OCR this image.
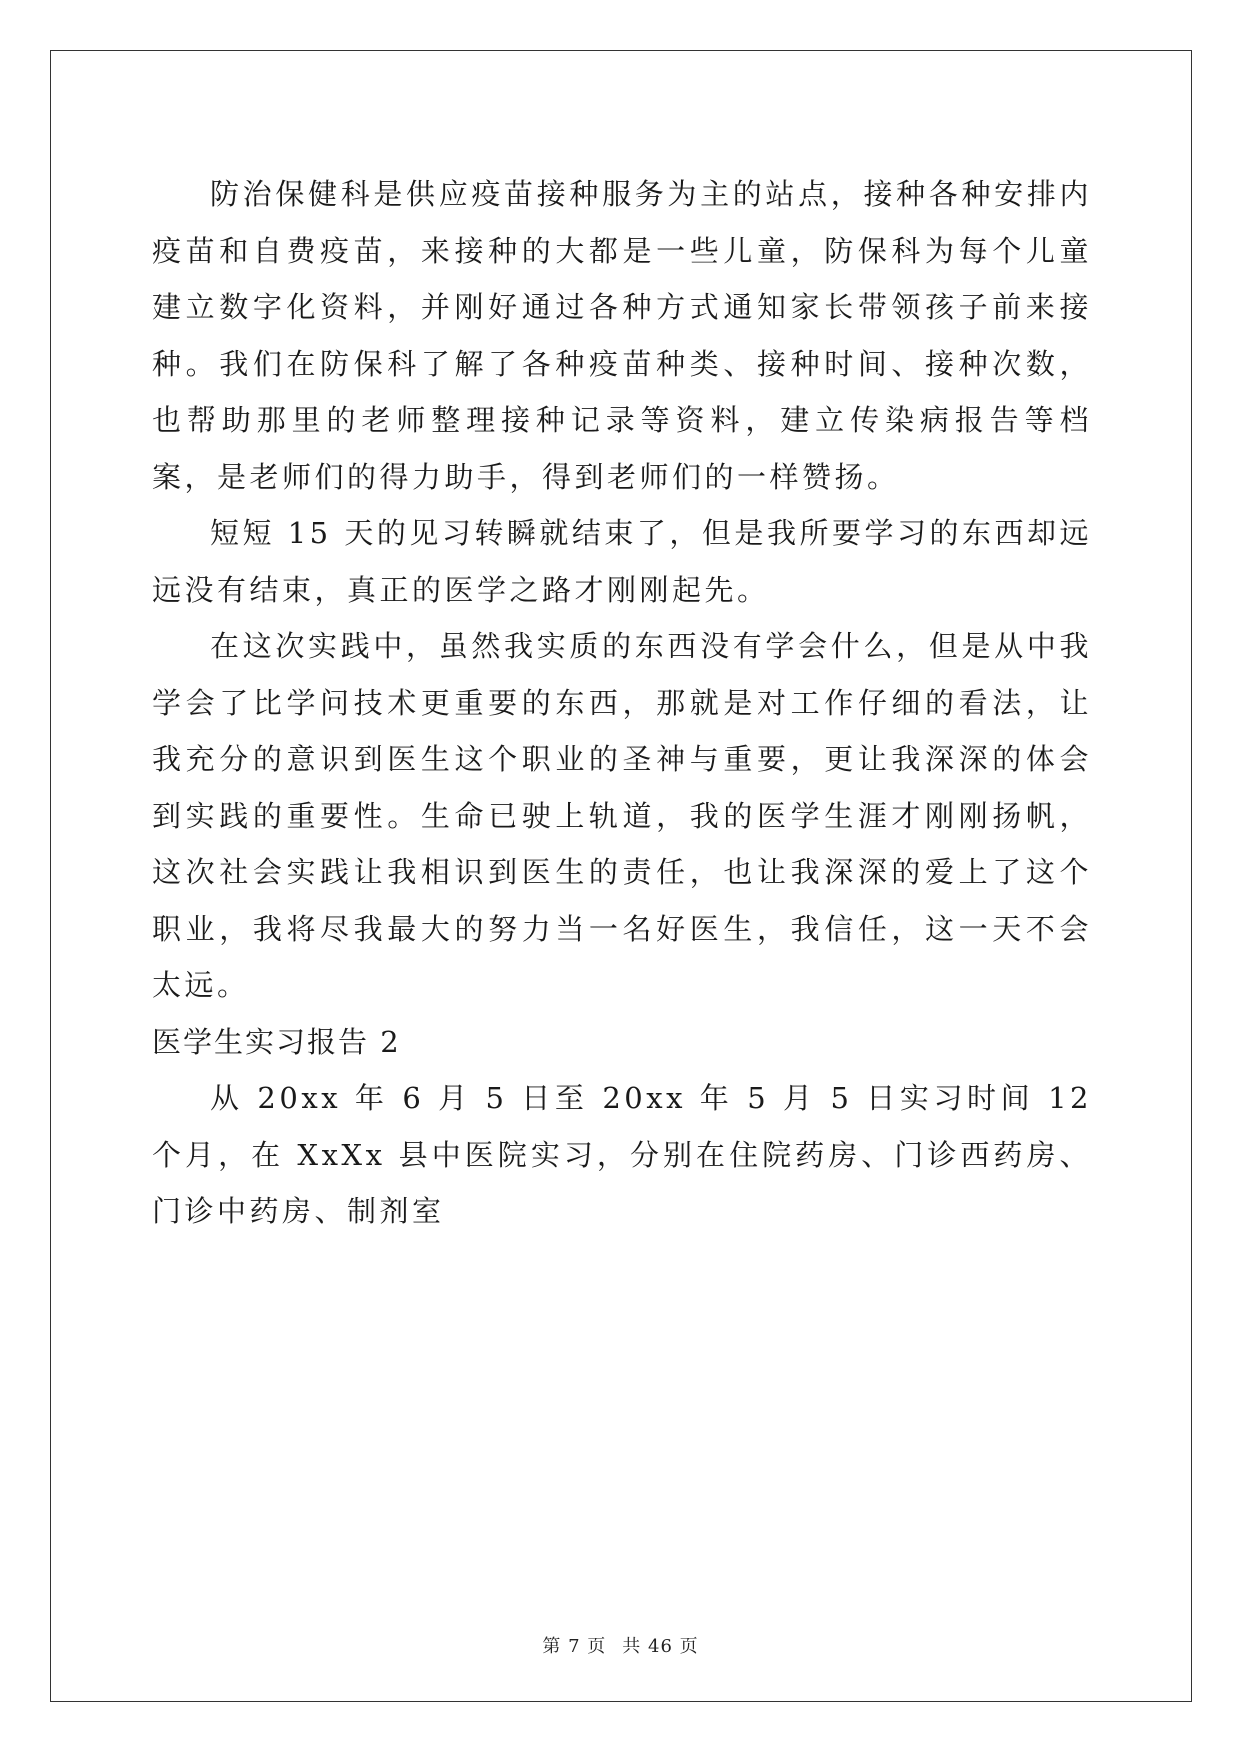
防治保健科是供应疫苗接种服务为主的站点，接种各种安排内疫苗和自费疫苗，来接种的大都是一些儿童，防保科为每个儿童建立数字化资料，并刚好通过各种方式通知家长带领孩子前来接种。我们在防保科了解了各种疫苗种类、接种时间、接种次数，也帮助那里的老师整理接种记录等资料，建立传染病报告等档案，是老师们的得力助手，得到老师们的一样赞扬。

短短 15 天的见习转瞬就结束了，但是我所要学习的东西却远远没有结束，真正的医学之路才刚刚起先。

在这次实践中，虽然我实质的东西没有学会什么，但是从中我学会了比学问技术更重要的东西，那就是对工作仔细的看法，让我充分的意识到医生这个职业的圣神与重要，更让我深深的体会到实践的重要性。生命已驶上轨道，我的医学生涯才刚刚扬帆，这次社会实践让我相识到医生的责任，也让我深深的爱上了这个职业，我将尽我最大的努力当一名好医生，我信任，这一天不会太远。

医学生实习报告 2

从 20xx 年 6 月 5 日至 20xx 年 5 月 5 日实习时间 12 个月，在 XxXx 县中医院实习，分别在住院药房、门诊西药房、门诊中药房、制剂室

第 7 页 共 46 页
